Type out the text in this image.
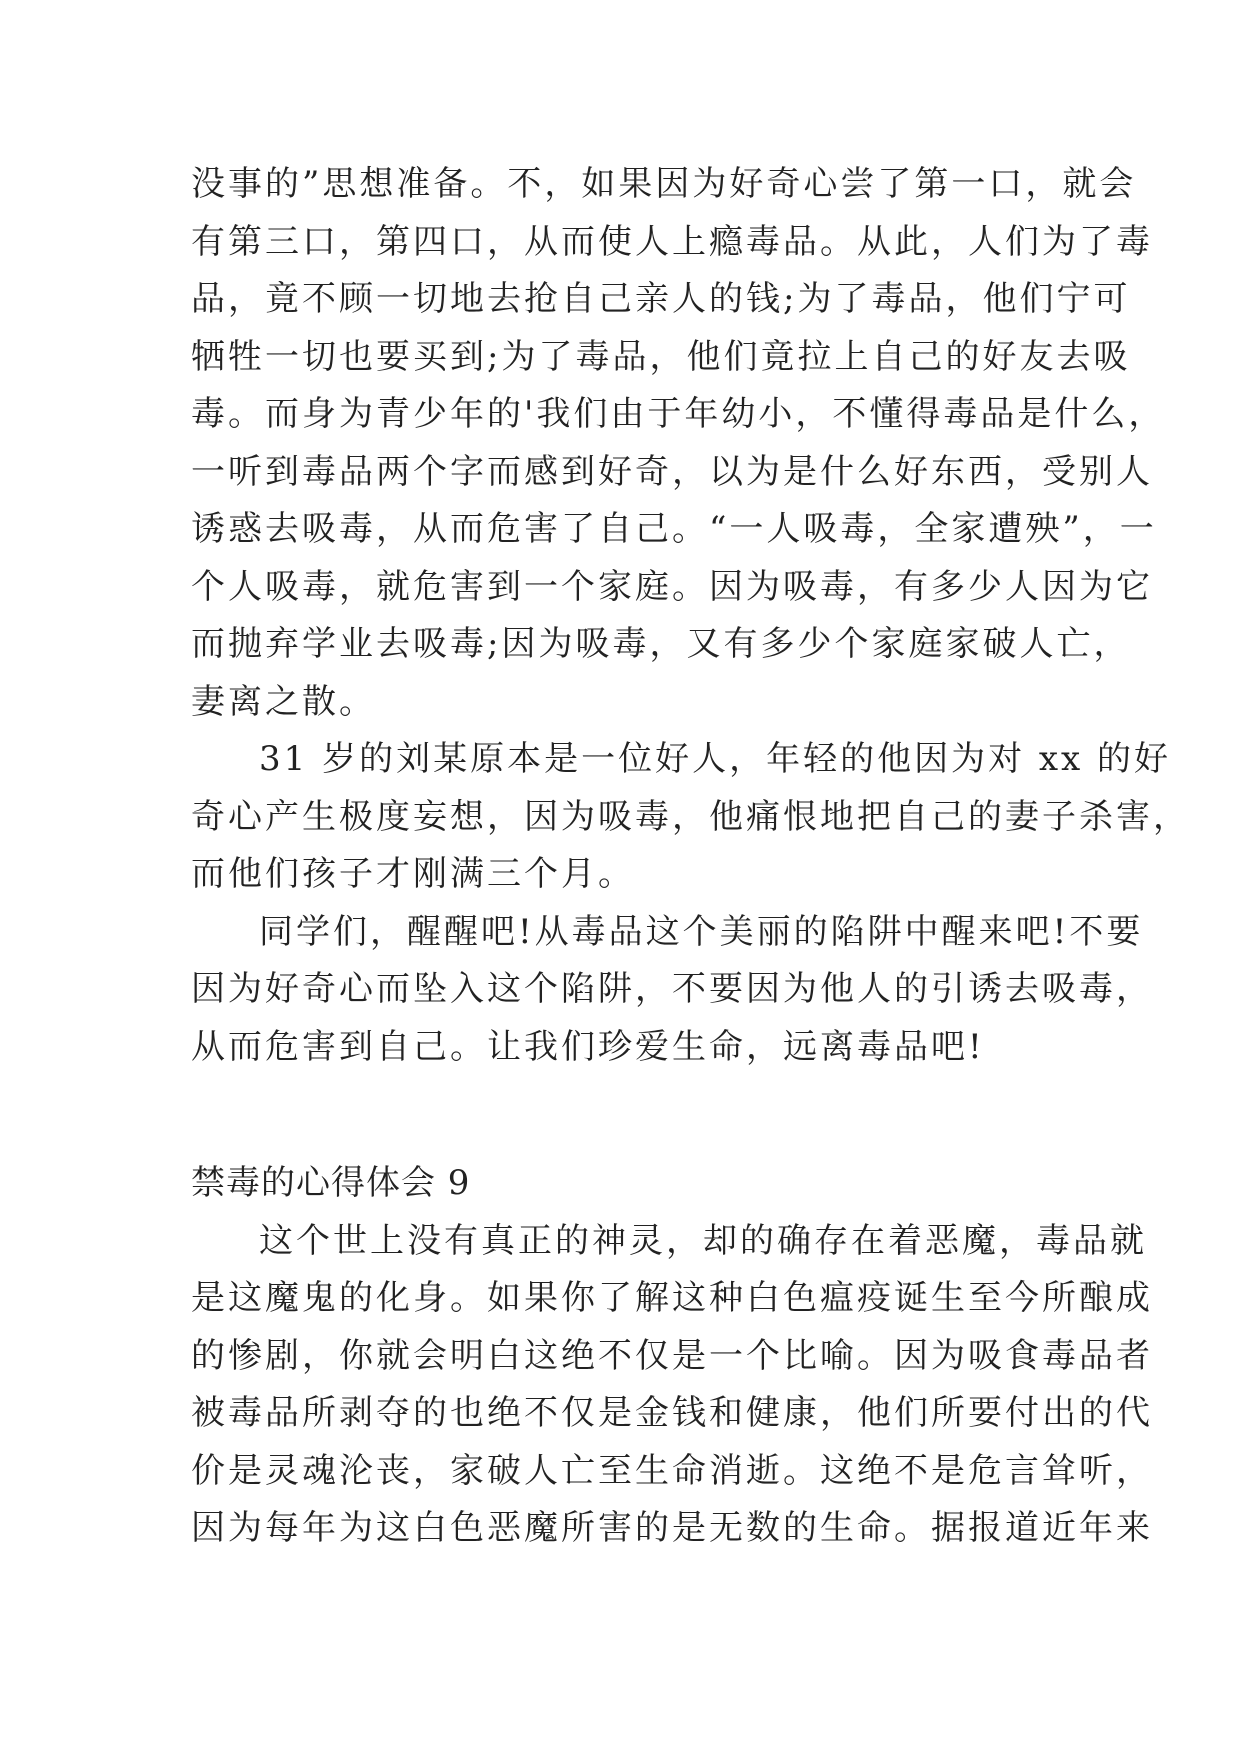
没事的”思想准备。不，如果因为好奇心尝了第一口，就会
有第三口，第四口，从而使人上瘾毒品。从此，人们为了毒
品，竟不顾一切地去抢自己亲人的钱;为了毒品，他们宁可
牺牲一切也要买到;为了毒品，他们竟拉上自己的好友去吸
毒。而身为青少年的'我们由于年幼小，不懂得毒品是什么，
一听到毒品两个字而感到好奇，以为是什么好东西，受别人
诱惑去吸毒，从而危害了自己。“一人吸毒，全家遭殃”，一
个人吸毒，就危害到一个家庭。因为吸毒，有多少人因为它
而抛弃学业去吸毒;因为吸毒，又有多少个家庭家破人亡，
妻离之散。

31 岁的刘某原本是一位好人，年轻的他因为对 xx 的好
奇心产生极度妄想，因为吸毒，他痛恨地把自己的妻子杀害，
而他们孩子才刚满三个月。

同学们，醒醒吧!从毒品这个美丽的陷阱中醒来吧!不要
因为好奇心而坠入这个陷阱，不要因为他人的引诱去吸毒，
从而危害到自己。让我们珍爱生命，远离毒品吧!

禁毒的心得体会 9

这个世上没有真正的神灵，却的确存在着恶魔，毒品就
是这魔鬼的化身。如果你了解这种白色瘟疫诞生至今所酿成
的惨剧，你就会明白这绝不仅是一个比喻。因为吸食毒品者
被毒品所剥夺的也绝不仅是金钱和健康，他们所要付出的代
价是灵魂沦丧，家破人亡至生命消逝。这绝不是危言耸听，
因为每年为这白色恶魔所害的是无数的生命。据报道近年来
